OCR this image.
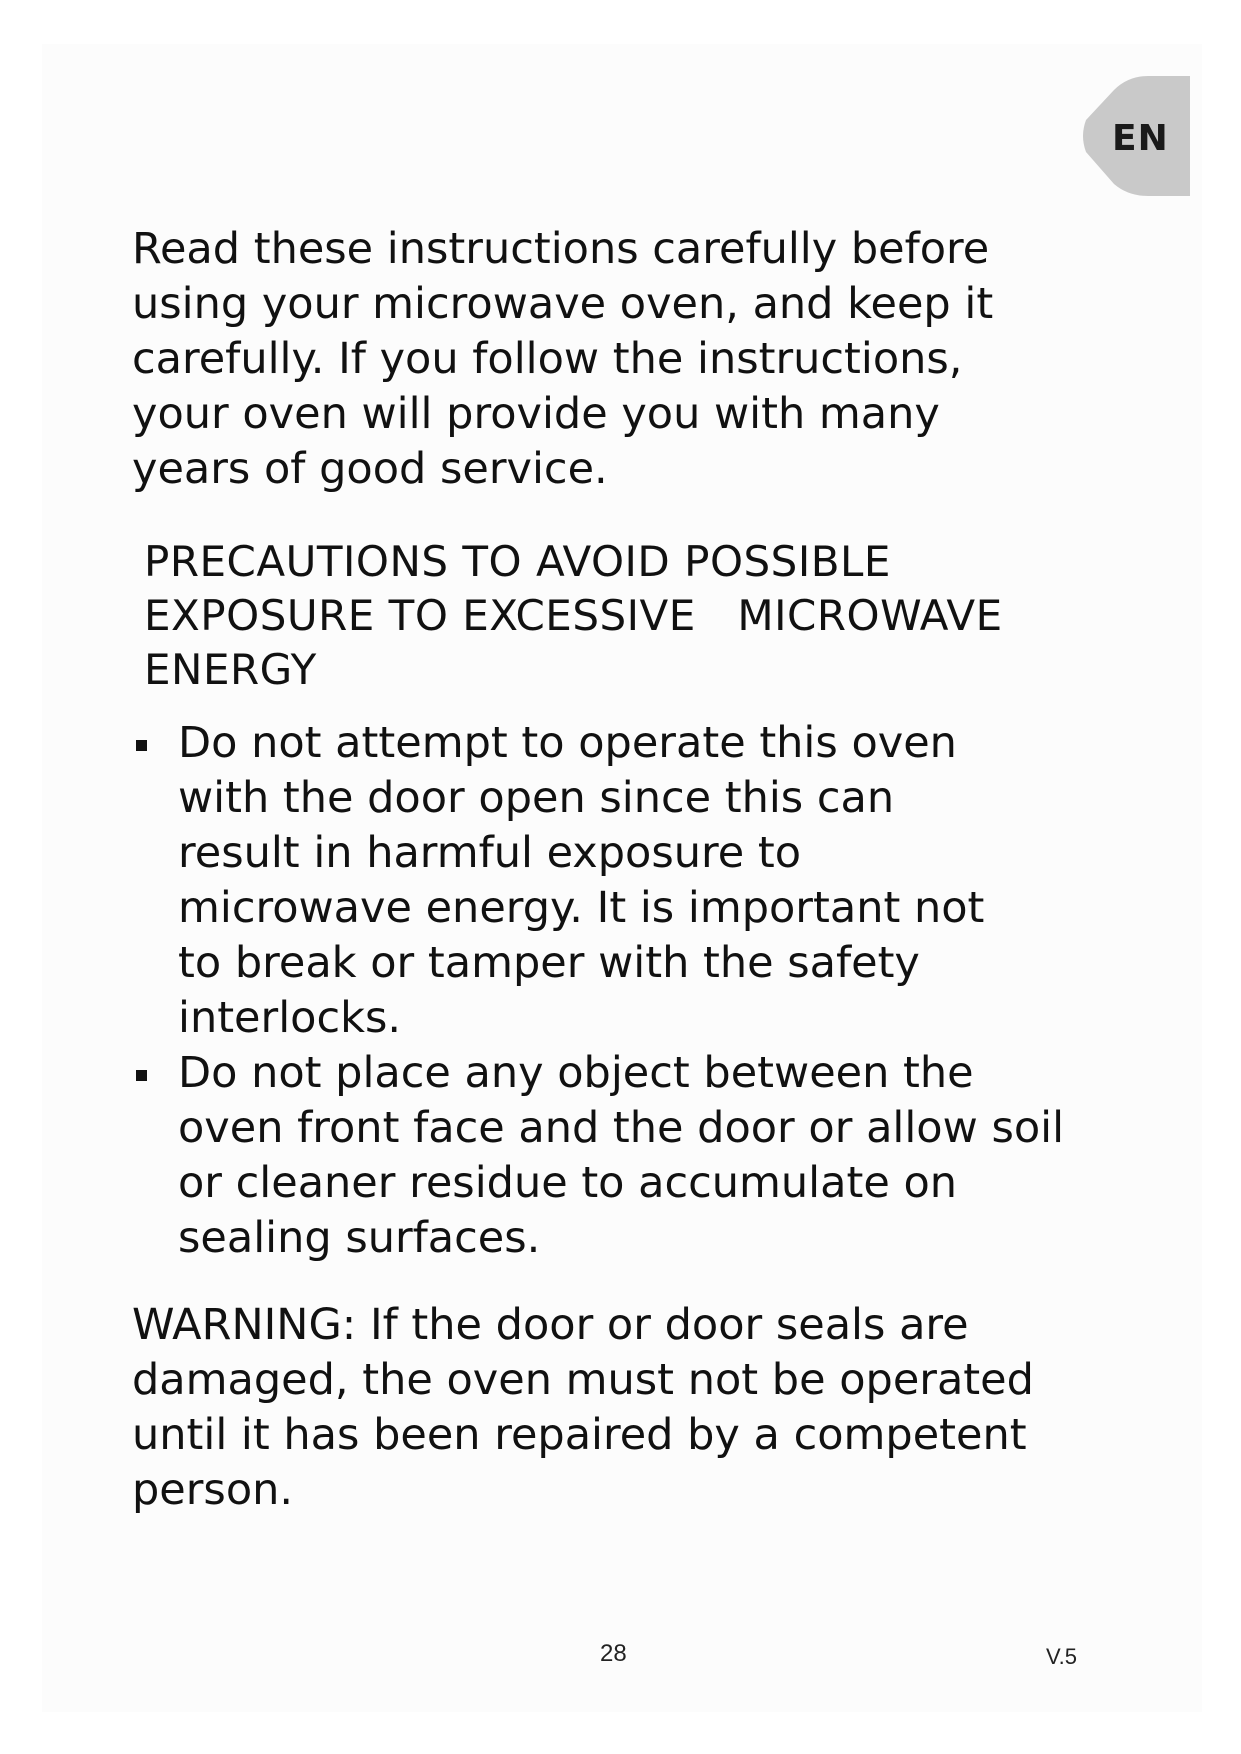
EN
Read these instructions carefully before
using your microwave oven, and keep it
carefully. If you follow the instructions,
your oven will provide you with many
years of good service.
PRECAUTIONS TO AVOID POSSIBLE
EXPOSURE TO EXCESSIVE   MICROWAVE
ENERGY
Do not attempt to operate this oven
with the door open since this can
result in harmful exposure to
microwave energy. It is important not
to break or tamper with the safety
interlocks.
Do not place any object between the
oven front face and the door or allow soil
or cleaner residue to accumulate on
sealing surfaces.
WARNING: If the door or door seals are
damaged, the oven must not be operated
until it has been repaired by a competent
person.
28	V.5
